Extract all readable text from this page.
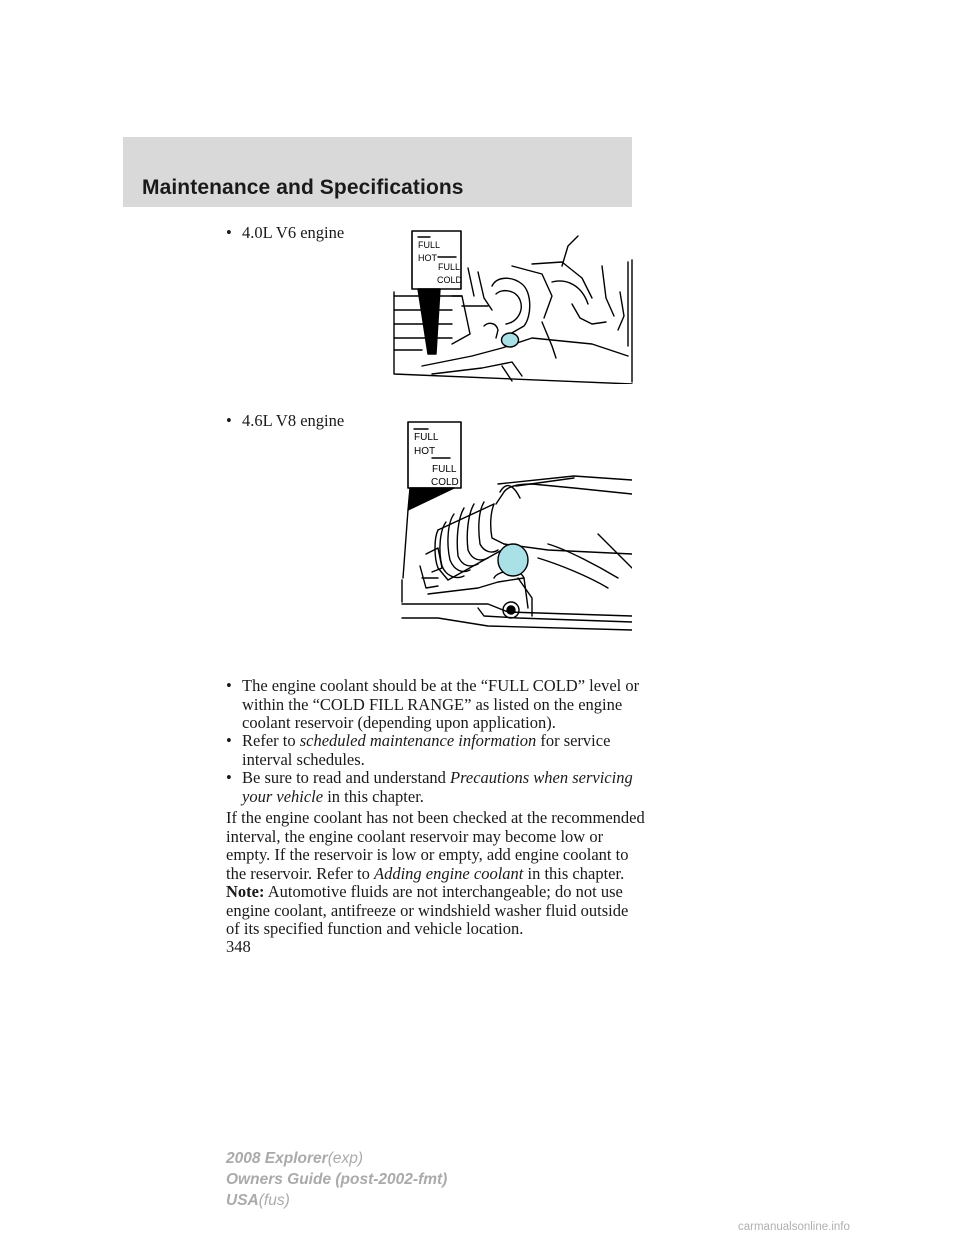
Maintenance and Specifications
• 4.0L V6 engine
FULL
HOT
FULL
COLD
• 4.6L V8 engine
FULL
HOT
FULL
COLD
• The engine coolant should be at the “FULL COLD” level or within the “COLD FILL RANGE” as listed on the engine coolant reservoir (depending upon application).
• Refer to scheduled maintenance information for service interval schedules.
• Be sure to read and understand Precautions when servicing your vehicle in this chapter.
If the engine coolant has not been checked at the recommended interval, the engine coolant reservoir may become low or empty. If the reservoir is low or empty, add engine coolant to the reservoir. Refer to Adding engine coolant in this chapter.
Note: Automotive fluids are not interchangeable; do not use engine coolant, antifreeze or windshield washer fluid outside of its specified function and vehicle location.
348
2008 Explorer(exp)
Owners Guide (post-2002-fmt)
USA(fus)
carmanualsonline.info
